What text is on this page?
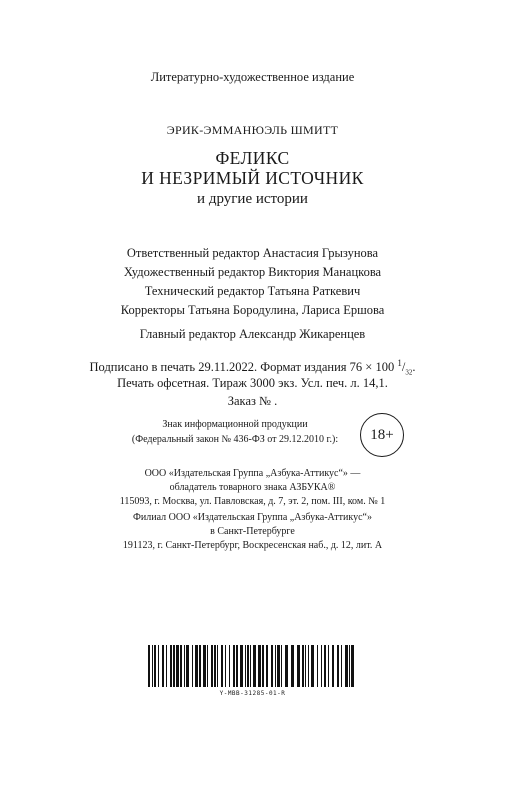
Литературно-художественное издание
ЭРИК-ЭММАНЮЭЛЬ ШМИТТ
ФЕЛИКС
И НЕЗРИМЫЙ ИСТОЧНИК
и другие истории
Ответственный редактор Анастасия Грызунова
Художественный редактор Виктория Манацкова
Технический редактор Татьяна Раткевич
Корректоры Татьяна Бородулина, Лариса Ершова
Главный редактор Александр Жикаренцев
Подписано в печать 29.11.2022. Формат издания 76 × 100 $^1/_{32}$.
Печать офсетная. Тираж 3000 экз. Усл. печ. л. 14,1.
Заказ № .
Знак информационной продукции
(Федеральный закон № 436-ФЗ от 29.12.2010 г.):	18+
ООО «Издательская Группа „Азбука-Аттикус“» —
обладатель товарного знака АЗБУКА®
115093, г. Москва, ул. Павловская, д. 7, эт. 2, пом. III, ком. № 1
Филиал ООО «Издательская Группа „Азбука-Аттикус“»
в Санкт-Петербурге
191123, г. Санкт-Петербург, Воскресенская наб., д. 12, лит. А
Y-MBB-31285-01-R
